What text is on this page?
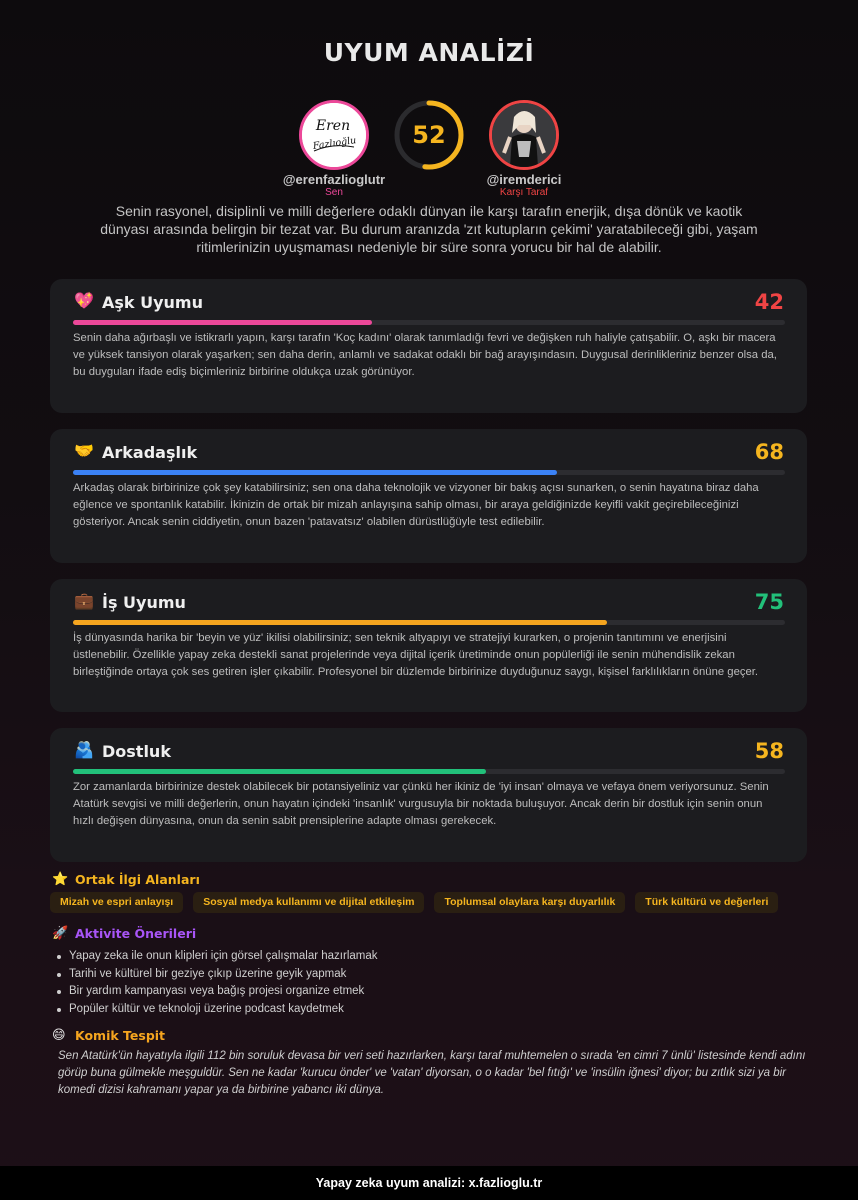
UYUM ANALİZİ
Eren
Fazlıoğlu
@erenfazlioglutr
Sen
52
@iremderici
Karşı Taraf
Senin rasyonel, disiplinli ve milli değerlere odaklı dünyan ile karşı tarafın enerjik, dışa dönük ve kaotik dünyası arasında belirgin bir tezat var. Bu durum aranızda 'zıt kutupların çekimi' yaratabileceği gibi, yaşam ritimlerinizin uyuşmaması nedeniyle bir süre sonra yorucu bir hal de alabilir.
💖 Aşk Uyumu	42
Senin daha ağırbaşlı ve istikrarlı yapın, karşı tarafın 'Koç kadını' olarak tanımladığı fevri ve değişken ruh haliyle çatışabilir. O, aşkı bir macera ve yüksek tansiyon olarak yaşarken; sen daha derin, anlamlı ve sadakat odaklı bir bağ arayışındasın. Duygusal derinlikleriniz benzer olsa da, bu duyguları ifade ediş biçimleriniz birbirine oldukça uzak görünüyor.
🤝 Arkadaşlık	68
Arkadaş olarak birbirinize çok şey katabilirsiniz; sen ona daha teknolojik ve vizyoner bir bakış açısı sunarken, o senin hayatına biraz daha eğlence ve spontanlık katabilir. İkinizin de ortak bir mizah anlayışına sahip olması, bir araya geldiğinizde keyifli vakit geçirebileceğinizi gösteriyor. Ancak senin ciddiyetin, onun bazen 'patavatsız' olabilen dürüstlüğüyle test edilebilir.
💼 İş Uyumu	75
İş dünyasında harika bir 'beyin ve yüz' ikilisi olabilirsiniz; sen teknik altyapıyı ve stratejiyi kurarken, o projenin tanıtımını ve enerjisini üstlenebilir. Özellikle yapay zeka destekli sanat projelerinde veya dijital içerik üretiminde onun popülerliği ile senin mühendislik zekan birleştiğinde ortaya çok ses getiren işler çıkabilir. Profesyonel bir düzlemde birbirinize duyduğunuz saygı, kişisel farklılıkların önüne geçer.
🫂 Dostluk	58
Zor zamanlarda birbirinize destek olabilecek bir potansiyeliniz var çünkü her ikiniz de 'iyi insan' olmaya ve vefaya önem veriyorsunuz. Senin Atatürk sevgisi ve milli değerlerin, onun hayatın içindeki 'insanlık' vurgusuyla bir noktada buluşuyor. Ancak derin bir dostluk için senin onun hızlı değişen dünyasına, onun da senin sabit prensiplerine adapte olması gerekecek.
⭐ Ortak İlgi Alanları
Mizah ve espri anlayışı	Sosyal medya kullanımı ve dijital etkileşim	Toplumsal olaylara karşı duyarlılık	Türk kültürü ve değerleri
🚀 Aktivite Önerileri
Yapay zeka ile onun klipleri için görsel çalışmalar hazırlamak
Tarihi ve kültürel bir geziye çıkıp üzerine geyik yapmak
Bir yardım kampanyası veya bağış projesi organize etmek
Popüler kültür ve teknoloji üzerine podcast kaydetmek
😄 Komik Tespit
Sen Atatürk'ün hayatıyla ilgili 112 bin soruluk devasa bir veri seti hazırlarken, karşı taraf muhtemelen o sırada 'en cimri 7 ünlü' listesinde kendi adını görüp buna gülmekle meşguldür. Sen ne kadar 'kurucu önder' ve 'vatan' diyorsan, o o kadar 'bel fıtığı' ve 'insülin iğnesi' diyor; bu zıtlık sizi ya bir komedi dizisi kahramanı yapar ya da birbirine yabancı iki dünya.
Yapay zeka uyum analizi: x.fazlioglu.tr
